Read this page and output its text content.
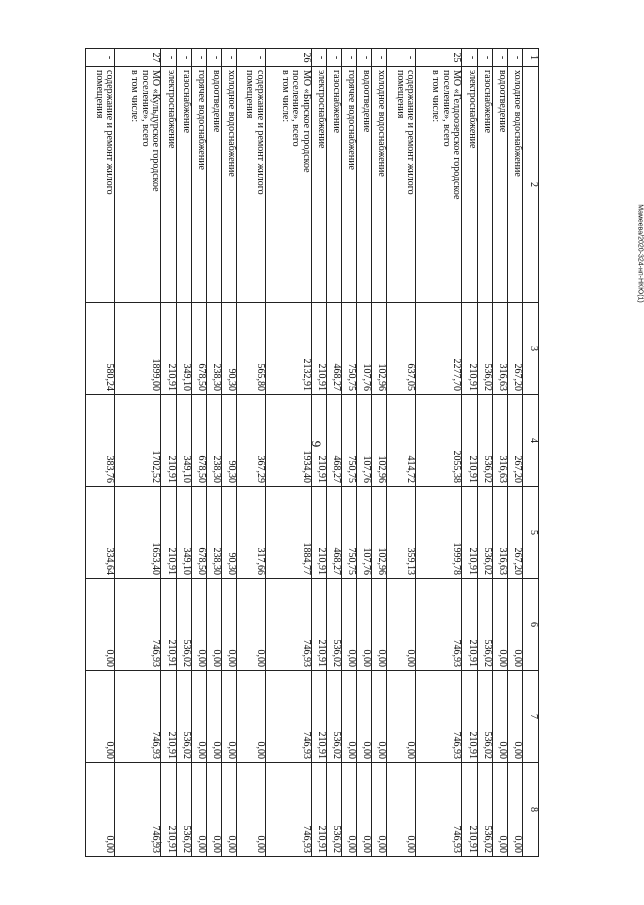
9
Мамеева/2020-324-нп-НКЮ(1)
1	2	3	4	5	6	7	8
-	холодное водоснабжение	267,20	267,20	267,20	0,00	0,00	0,00
-	водоотведение	316,63	316,63	316,63	0,00	0,00	0,00
-	газоснабжение	536,02	536,02	536,02	536,02	536,02	536,02
-	электроснабжение	210,91	210,91	210,91	210,91	210,91	210,91
25	МО «Гелдоозерское городское
поселение», всего
в том числе:	2277,70	2055,38	1999,78	746,93	746,93	746,93
-	содержание и ремонт жилого
помещения	637,05	414,72	359,13	0,00	0,00	0,00
-	холодное водоснабжение	102,96	102,96	102,96	0,00	0,00	0,00
-	водоотведение	107,76	107,76	107,76	0,00	0,00	0,00
-	горячее водоснабжение	750,75	750,75	750,75	0,00	0,00	0,00
-	газоснабжение	468,27	468,27	468,27	536,02	536,02	536,02
-	электроснабжение	210,91	210,91	210,91	210,91	210,91	210,91
26	МО «Бирское городское
поселение», всего
в том числе:	2132,91	1934,40	1884,77	746,93	746,93	746,93
-	содержание и ремонт жилого
помещения	565,80	367,29	317,66	0,00	0,00	0,00
-	холодное водоснабжение	90,30	90,30	90,30	0,00	0,00	0,00
-	водоотведение	238,30	238,30	238,30	0,00	0,00	0,00
-	горячее водоснабжение	678,50	678,50	678,50	0,00	0,00	0,00
-	газоснабжение	349,10	349,10	349,10	536,02	536,02	536,02
-	электроснабжение	210,91	210,91	210,91	210,91	210,91	210,91
27	МО «Кульдурское городское
поселение», всего
в том числе:	1899,00	1702,52	1653,40	746,93	746,93	746,93
-	содержание и ремонт жилого
помещения	580,24	383,76	334,64	0,00	0,00	0,00
